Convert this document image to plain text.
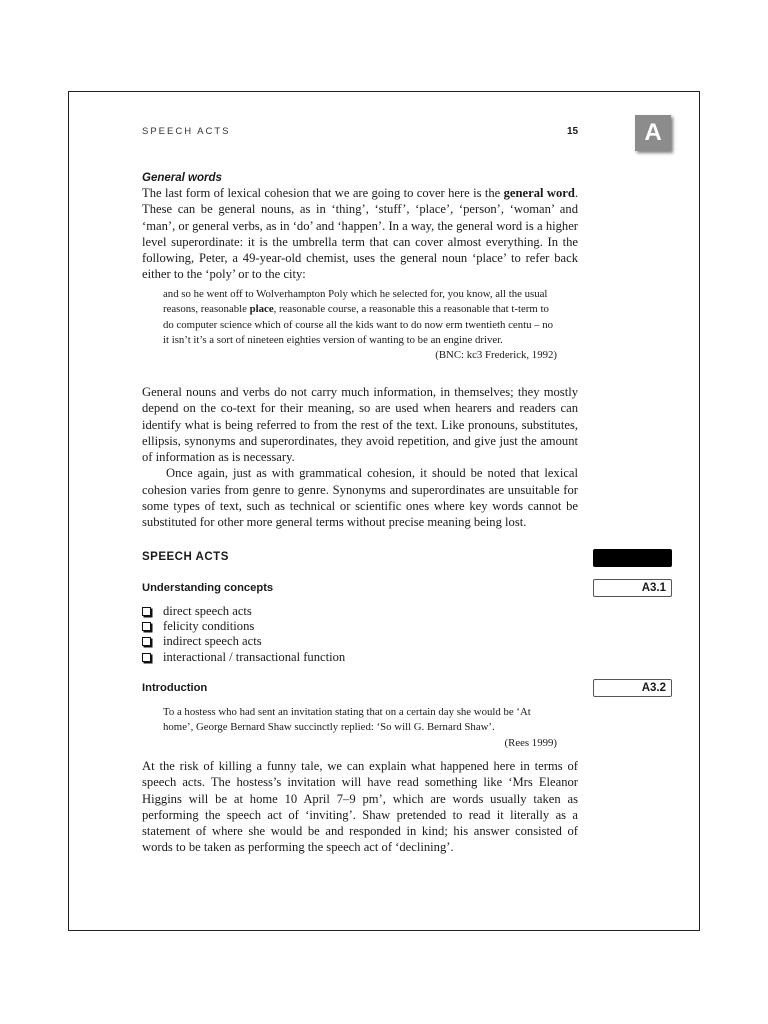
SPEECH ACTS	15	A
General words

The last form of lexical cohesion that we are going to cover here is the general word. These can be general nouns, as in ‘thing’, ‘stuff’, ‘place’, ‘person’, ‘woman’ and ‘man’, or general verbs, as in ‘do’ and ‘happen’. In a way, the general word is a higher level superordinate: it is the umbrella term that can cover almost everything. In the following, Peter, a 49-year-old chemist, uses the general noun ‘place’ to refer back either to the ‘poly’ or to the city:

and so he went off to Wolverhampton Poly which he selected for, you know, all the usual reasons, reasonable place, reasonable course, a reasonable this a reasonable that t-term to do computer science which of course all the kids want to do now erm twentieth centu – no it isn’t it’s a sort of nineteen eighties version of wanting to be an engine driver.

(BNC: kc3 Frederick, 1992)

General nouns and verbs do not carry much information, in themselves; they mostly depend on the co-text for their meaning, so are used when hearers and readers can identify what is being referred to from the rest of the text. Like pronouns, substitutes, ellipsis, synonyms and superordinates, they avoid repetition, and give just the amount of information as is necessary.

Once again, just as with grammatical cohesion, it should be noted that lexical cohesion varies from genre to genre. Synonyms and superordinates are unsuitable for some types of text, such as technical or scientific ones where key words cannot be substituted for other more general terms without precise meaning being lost.

SPEECH ACTS
Understanding concepts	A3.1
direct speech acts
felicity conditions
indirect speech acts
interactional / transactional function
Introduction	A3.2

To a hostess who had sent an invitation stating that on a certain day she would be ‘At home’, George Bernard Shaw succinctly replied: ‘So will G. Bernard Shaw’.

(Rees 1999)

At the risk of killing a funny tale, we can explain what happened here in terms of speech acts. The hostess’s invitation will have read something like ‘Mrs Eleanor Higgins will be at home 10 April 7–9 pm’, which are words usually taken as performing the speech act of ‘inviting’. Shaw pretended to read it literally as a statement of where she would be and responded in kind; his answer consisted of words to be taken as performing the speech act of ‘declining’.
